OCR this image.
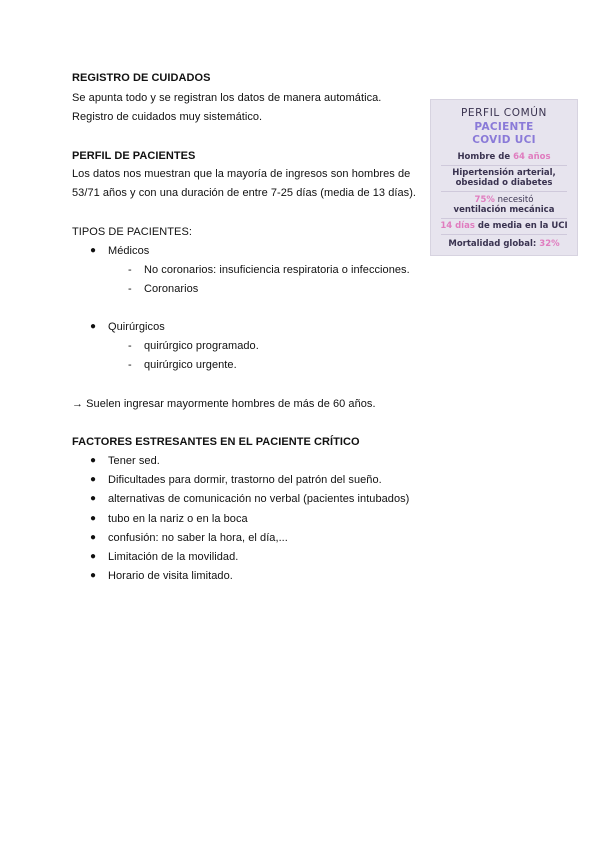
REGISTRO DE CUIDADOS
Se apunta todo y se registran los datos de manera automática.
Registro de cuidados muy sistemático.
PERFIL DE PACIENTES
Los datos nos muestran que la mayoría de ingresos son hombres de
53/71 años y con una duración de entre 7-25 días (media de 13 días).
TIPOS DE PACIENTES:
● Médicos
- No coronarios: insuficiencia respiratoria o infecciones.
- Coronarios
● Quirúrgicos
- quirúrgico programado.
- quirúrgico urgente.
→ Suelen ingresar mayormente hombres de más de 60 años.
FACTORES ESTRESANTES EN EL PACIENTE CRÍTICO
● Tener sed.
● Dificultades para dormir, trastorno del patrón del sueño.
● alternativas de comunicación no verbal (pacientes intubados)
● tubo en la nariz o en la boca
● confusión: no saber la hora, el día,...
● Limitación de la movilidad.
● Horario de visita limitado.
PERFIL COMÚN
PACIENTE
COVID UCI
Hombre de 64 años
Hipertensión arterial,
obesidad o diabetes
75% necesitó
ventilación mecánica
14 días de media en la UCI
Mortalidad global: 32%
